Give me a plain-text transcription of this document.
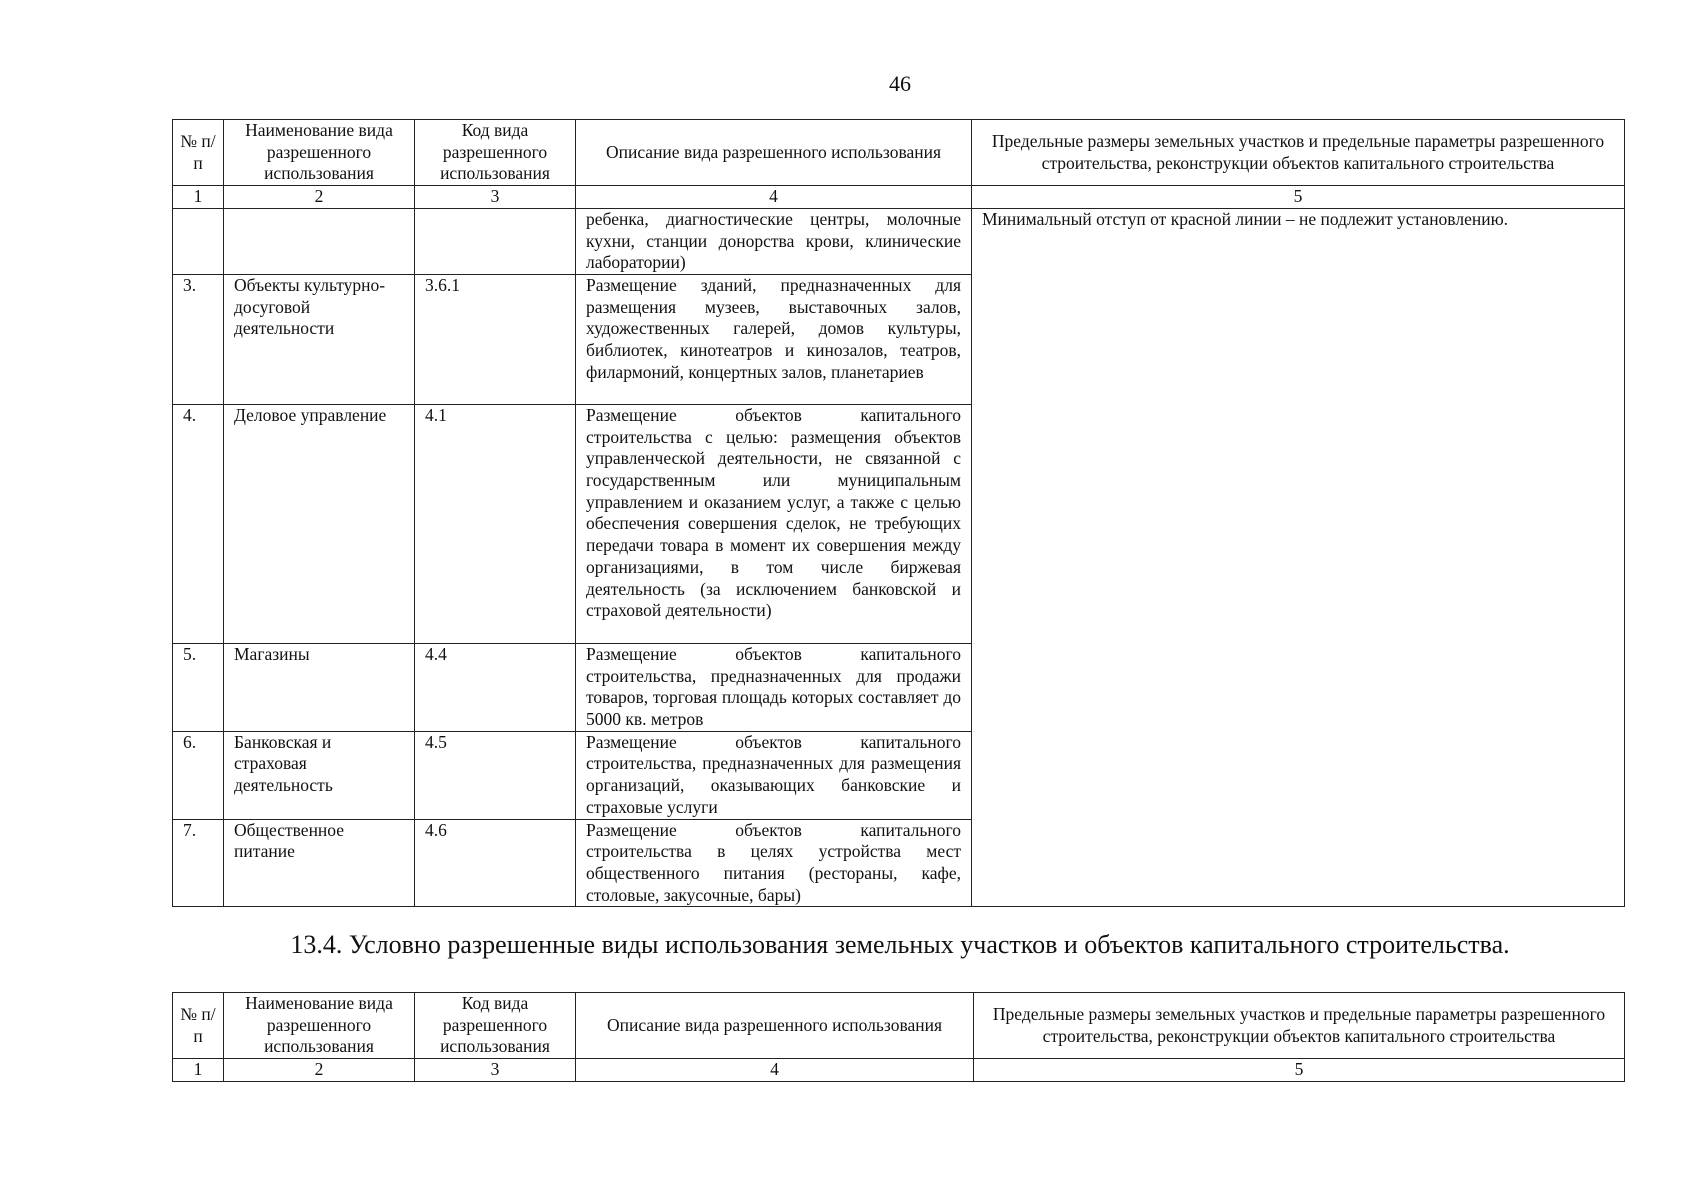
46
№ п/п	Наименование вида разрешенного использования	Код вида разрешенного использования	Описание вида разрешенного использования	Предельные размеры земельных участков и предельные параметры разрешенного строительства, реконструкции объектов капитального строительства
1	2	3	4	5
			ребенка, диагностические центры, молочные кухни, станции донорства крови, клинические лаборатории)	Минимальный отступ от красной линии – не подлежит установлению.
3.	Объекты культурно-досуговой деятельности	3.6.1	Размещение зданий, предназначенных для размещения музеев, выставочных залов, художественных галерей, домов культуры, библиотек, кинотеатров и кинозалов, театров, филармоний, концертных залов, планетариев	
4.	Деловое управление	4.1	Размещение объектов капитального строительства с целью: размещения объектов управленческой деятельности, не связанной с государственным или муниципальным управлением и оказанием услуг, а также с целью обеспечения совершения сделок, не требующих передачи товара в момент их совершения между организациями, в том числе биржевая деятельность (за исключением банковской и страховой деятельности)	
5.	Магазины	4.4	Размещение объектов капитального строительства, предназначенных для продажи товаров, торговая площадь которых составляет до 5000 кв. метров	
6.	Банковская и страховая деятельность	4.5	Размещение объектов капитального строительства, предназначенных для размещения организаций, оказывающих банковские и страховые услуги	
7.	Общественное питание	4.6	Размещение объектов капитального строительства в целях устройства мест общественного питания (рестораны, кафе, столовые, закусочные, бары)	
13.4. Условно разрешенные виды использования земельных участков и объектов капитального строительства.
№ п/п	Наименование вида разрешенного использования	Код вида разрешенного использования	Описание вида разрешенного использования	Предельные размеры земельных участков и предельные параметры разрешенного строительства, реконструкции объектов капитального строительства
1	2	3	4	5
